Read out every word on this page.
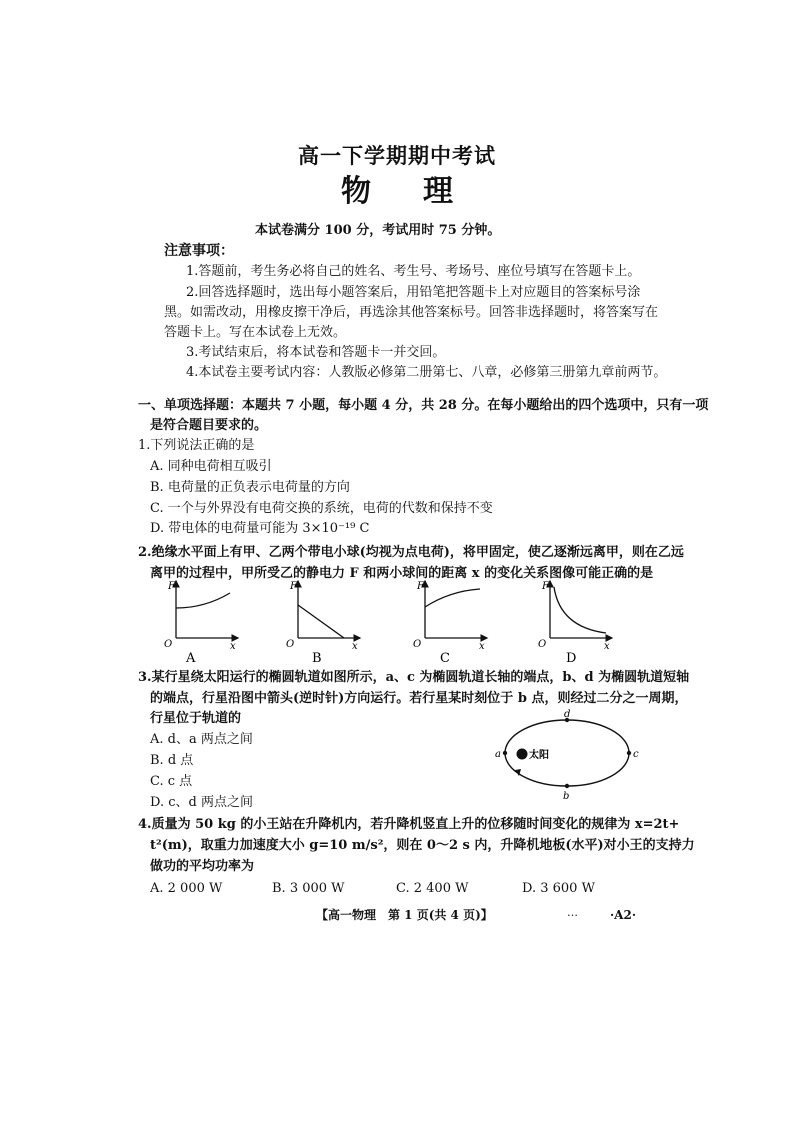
高一下学期期中考试
物 理
本试卷满分 100 分，考试用时 75 分钟。
注意事项：
1.答题前，考生务必将自己的姓名、考生号、考场号、座位号填写在答题卡上。
2.回答选择题时，选出每小题答案后，用铅笔把答题卡上对应题目的答案标号涂
黑。如需改动，用橡皮擦干净后，再选涂其他答案标号。回答非选择题时，将答案写在
答题卡上。写在本试卷上无效。
3.考试结束后，将本试卷和答题卡一并交回。
4.本试卷主要考试内容：人教版必修第二册第七、八章，必修第三册第九章前两节。
一、单项选择题：本题共 7 小题，每小题 4 分，共 28 分。在每小题给出的四个选项中，只有一项
是符合题目要求的。
1.下列说法正确的是
A. 同种电荷相互吸引
B. 电荷量的正负表示电荷量的方向
C. 一个与外界没有电荷交换的系统，电荷的代数和保持不变
D. 带电体的电荷量可能为 3×10⁻¹⁹ C
2.绝缘水平面上有甲、乙两个带电小球(均视为点电荷)，将甲固定，使乙逐渐远离甲，则在乙远
离甲的过程中，甲所受乙的静电力 F 和两小球间的距离 x 的变化关系图像可能正确的是
F
x
O
A
F
x
O
B
F
x
O
C
F
x
O
D
3.某行星绕太阳运行的椭圆轨道如图所示，a、c 为椭圆轨道长轴的端点，b、d 为椭圆轨道短轴
的端点，行星沿图中箭头(逆时针)方向运行。若行星某时刻位于 b 点，则经过二分之一周期，
行星位于轨道的
A. d、a 两点之间
B. d 点
C. c 点
D. c、d 两点之间
太阳
a	c
d
b
4.质量为 50 kg 的小王站在升降机内，若升降机竖直上升的位移随时间变化的规律为 x=2t+
t²(m)，取重力加速度大小 g=10 m/s²，则在 0～2 s 内，升降机地板(水平)对小王的支持力
做功的平均功率为
A. 2 000 W	B. 3 000 W	C. 2 400 W	D. 3 600 W
【高一物理　第 1 页(共 4 页)】	…	·A2·
